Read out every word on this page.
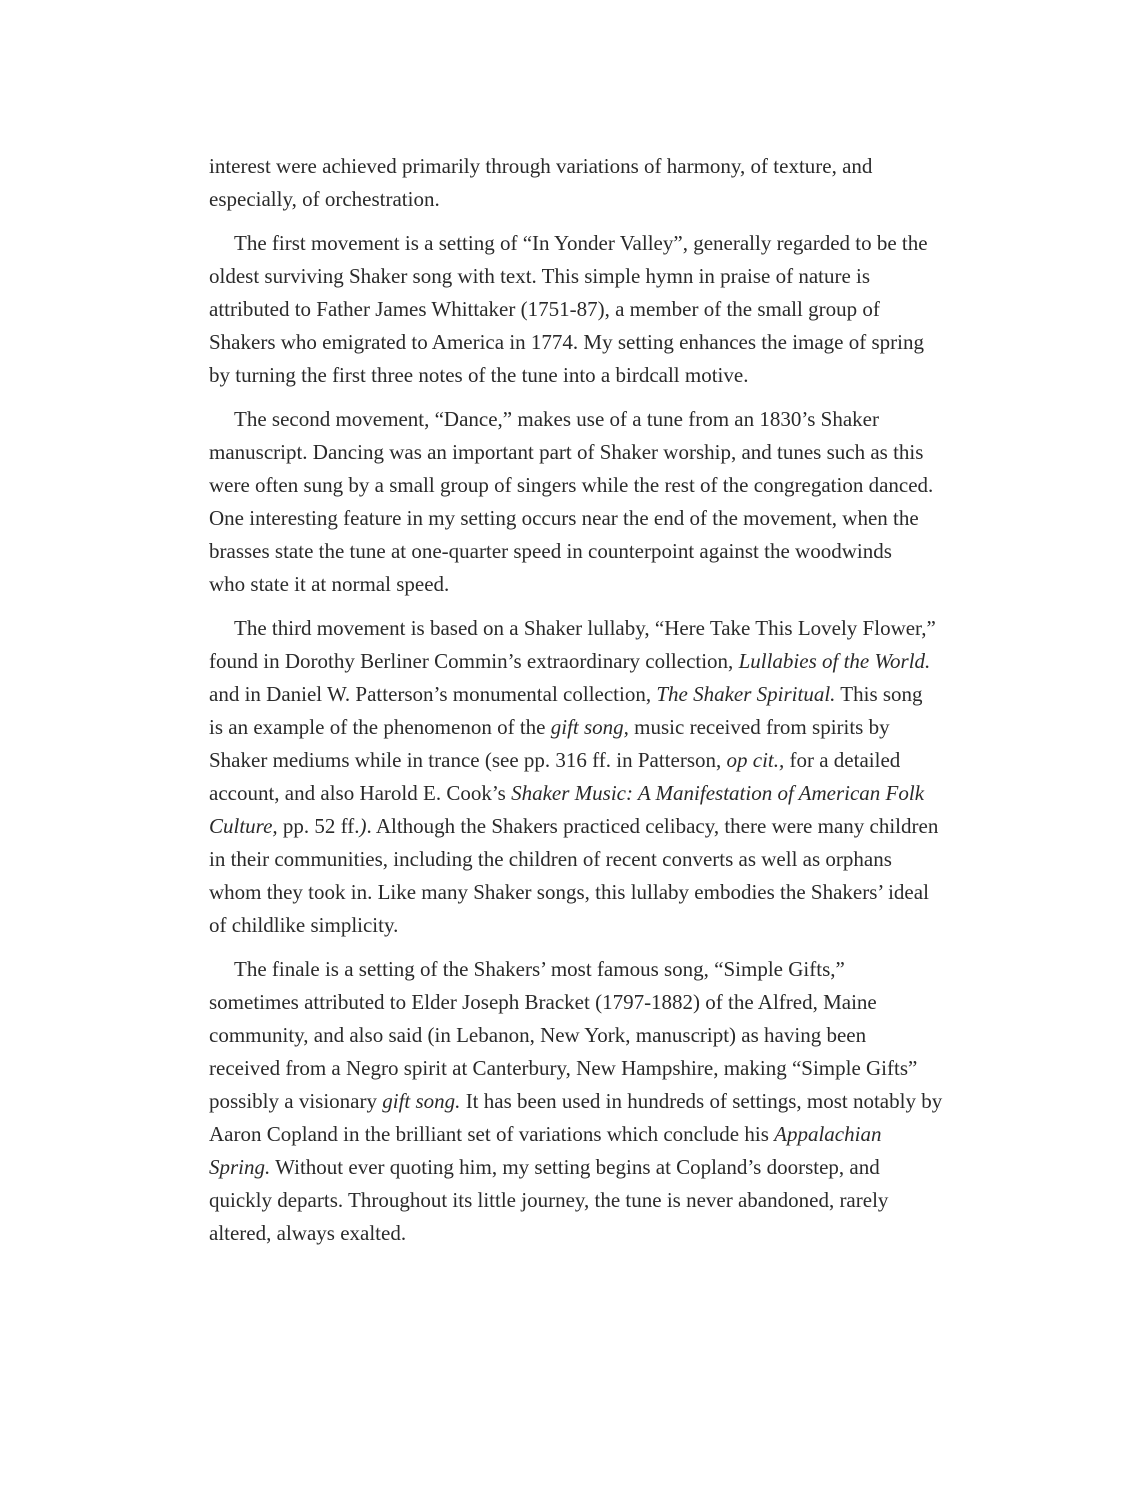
interest were achieved primarily through variations of harmony, of texture, and
especially, of orchestration.

The first movement is a setting of “In Yonder Valley”, generally regarded to be the
oldest surviving Shaker song with text. This simple hymn in praise of nature is
attributed to Father James Whittaker (1751-87), a member of the small group of
Shakers who emigrated to America in 1774. My setting enhances the image of spring
by turning the first three notes of the tune into a birdcall motive.

The second movement, “Dance,” makes use of a tune from an 1830’s Shaker
manuscript. Dancing was an important part of Shaker worship, and tunes such as this
were often sung by a small group of singers while the rest of the congregation danced.
One interesting feature in my setting occurs near the end of the movement, when the
brasses state the tune at one-quarter speed in counterpoint against the woodwinds
who state it at normal speed.

The third movement is based on a Shaker lullaby, “Here Take This Lovely Flower,”
found in Dorothy Berliner Commin’s extraordinary collection, Lullabies of the World.
and in Daniel W. Patterson’s monumental collection, The Shaker Spiritual. This song
is an example of the phenomenon of the gift song, music received from spirits by
Shaker mediums while in trance (see pp. 316 ff. in Patterson, op cit., for a detailed
account, and also Harold E. Cook’s Shaker Music: A Manifestation of American Folk
Culture, pp. 52 ff.). Although the Shakers practiced celibacy, there were many children
in their communities, including the children of recent converts as well as orphans
whom they took in. Like many Shaker songs, this lullaby embodies the Shakers’ ideal
of childlike simplicity.

The finale is a setting of the Shakers’ most famous song, “Simple Gifts,”
sometimes attributed to Elder Joseph Bracket (1797-1882) of the Alfred, Maine
community, and also said (in Lebanon, New York, manuscript) as having been
received from a Negro spirit at Canterbury, New Hampshire, making “Simple Gifts”
possibly a visionary gift song. It has been used in hundreds of settings, most notably by
Aaron Copland in the brilliant set of variations which conclude his Appalachian
Spring. Without ever quoting him, my setting begins at Copland’s doorstep, and
quickly departs. Throughout its little journey, the tune is never abandoned, rarely
altered, always exalted.
